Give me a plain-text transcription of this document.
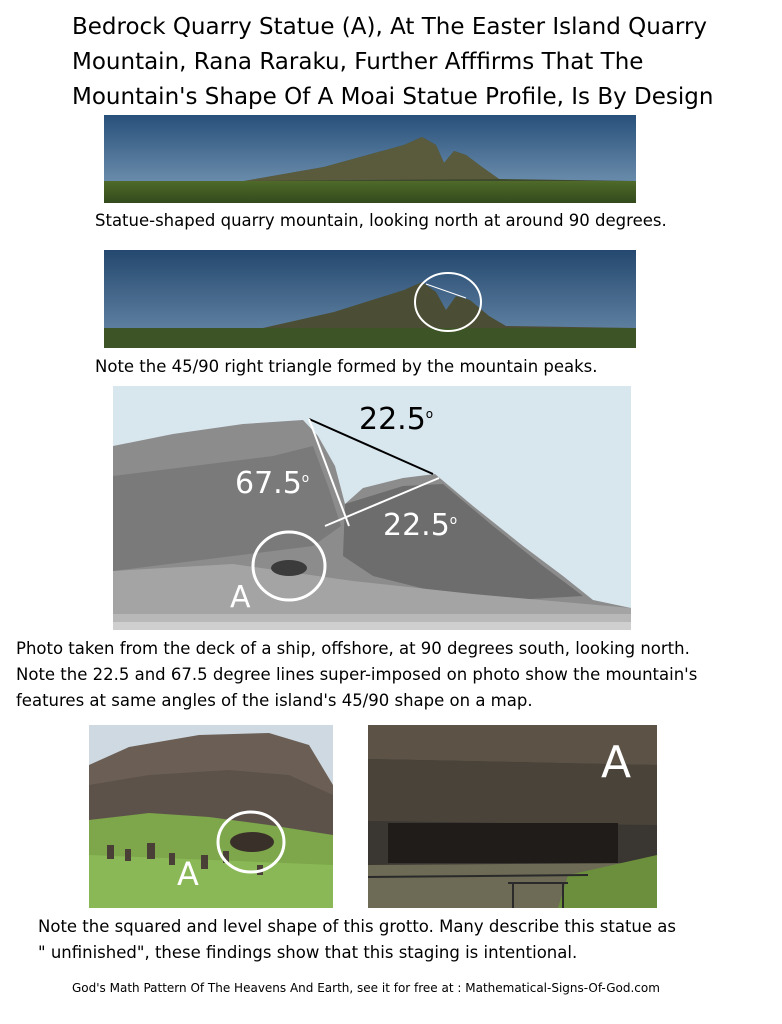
Bedrock Quarry Statue (A), At The Easter Island Quarry
Mountain, Rana Raraku, Further Afffirms That The
Mountain's Shape Of A Moai Statue Profile, Is By Design
Statue-shaped quarry mountain, looking north at around 90 degrees.
Note the 45/90 right triangle formed by the mountain peaks.
22.5$^o$
67.5$^o$
22.5$^o$
A
Photo taken from the deck of a ship, offshore, at 90 degrees south, looking north.
Note the 22.5 and 67.5 degree lines super-imposed on photo show the mountain's
features at same angles of the island's 45/90 shape on a map.
A
A
Note the squared and level shape of this grotto. Many describe this statue as
" unfinished", these findings show that this staging is intentional.
God's Math Pattern Of The Heavens And Earth, see it for free at : Mathematical-Signs-Of-God.com
